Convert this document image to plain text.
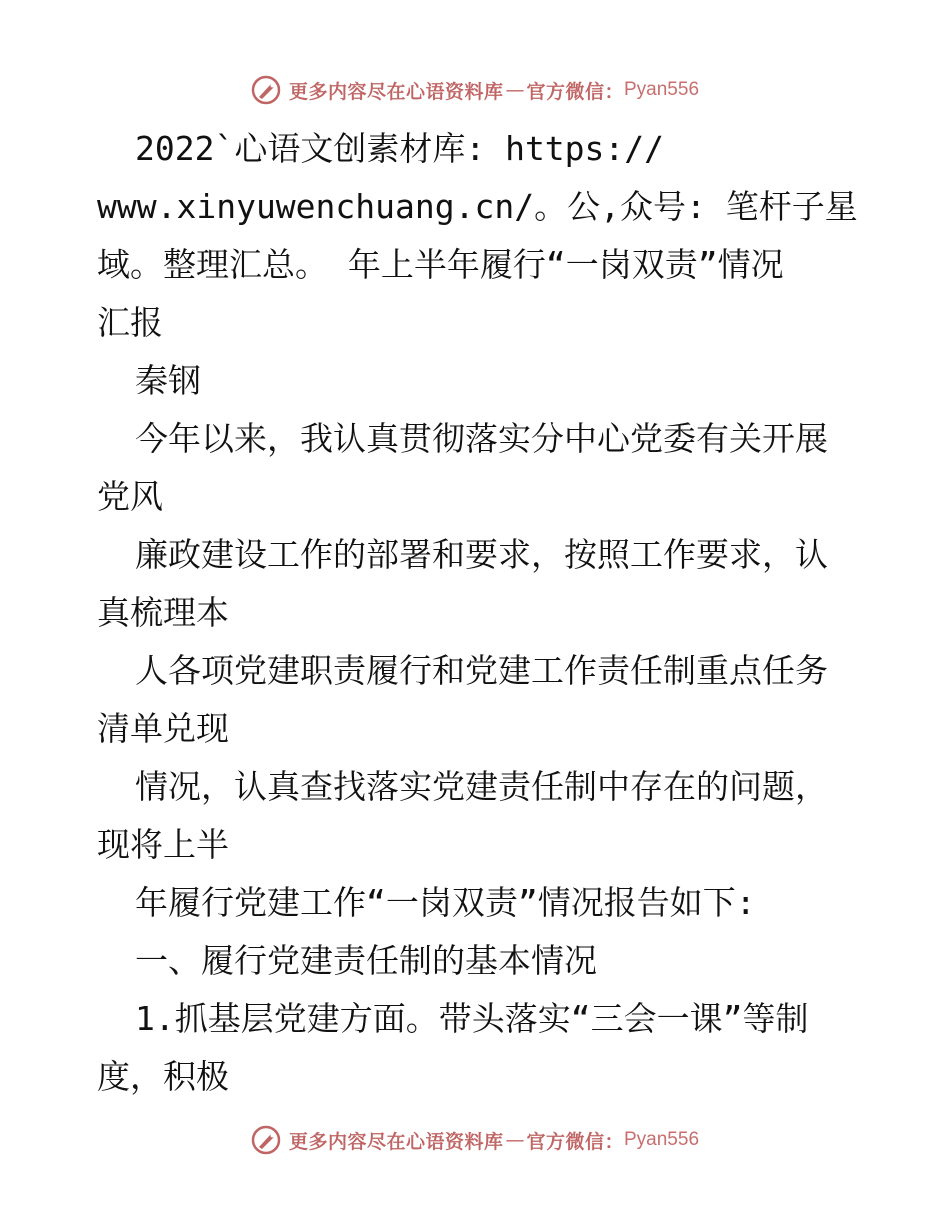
更多内容尽在心语资料库 — 官方微信： Pyan556
2022`心语文创素材库: https://
www.xinyuwenchuang.cn/。公,众号: 笔杆子星
域。整理汇总。 年上半年履行“一岗双责”情况
汇报
秦钢
今年以来，我认真贯彻落实分中心党委有关开展
党风
廉政建设工作的部署和要求，按照工作要求，认
真梳理本
人各项党建职责履行和党建工作责任制重点任务
清单兑现
情况，认真查找落实党建责任制中存在的问题，
现将上半
年履行党建工作“一岗双责”情况报告如下:
一、履行党建责任制的基本情况
1.抓基层党建方面。带头落实“三会一课”等制
度，积极
更多内容尽在心语资料库 — 官方微信： Pyan556
